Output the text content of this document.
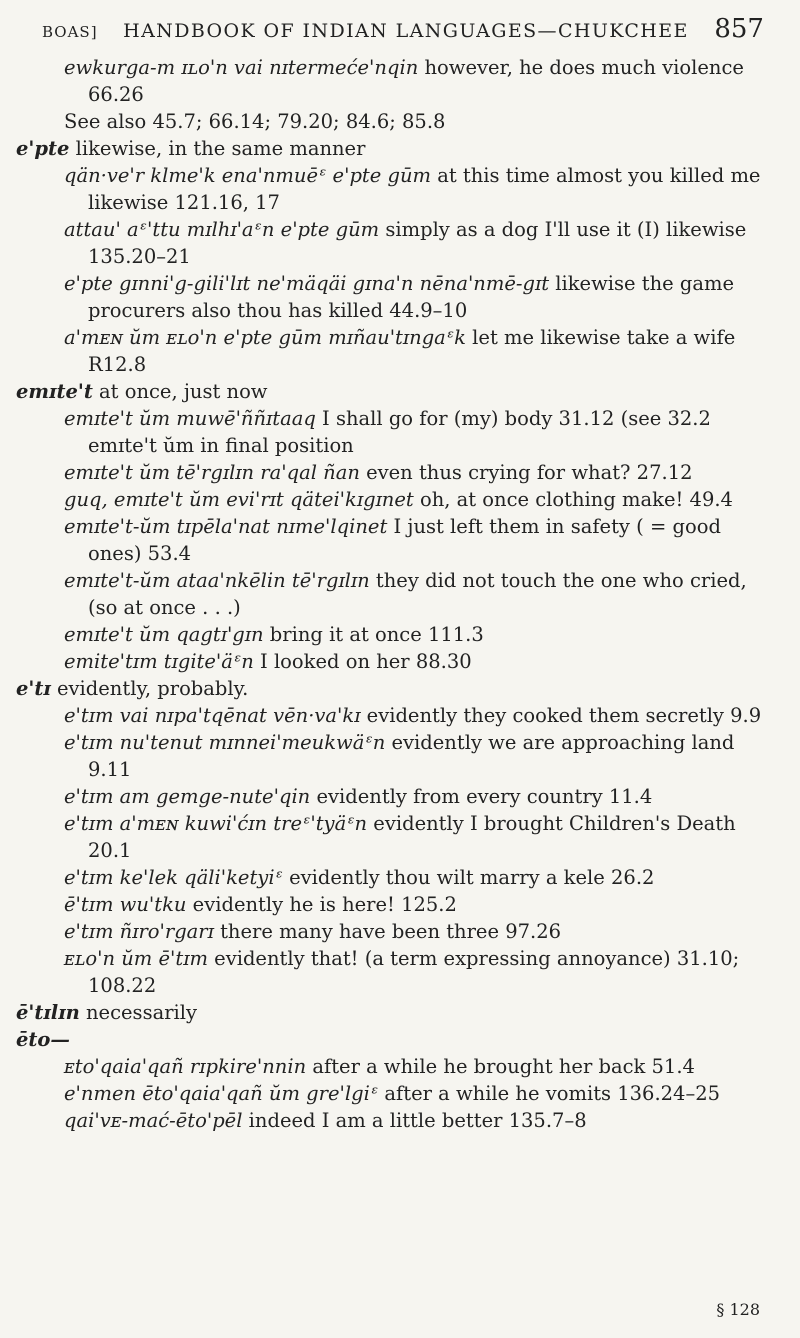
BOAS] HANDBOOK OF INDIAN LANGUAGES—CHUKCHEE 857
ewkurga-m ɪʟo'n vai nɪtermeće'nqin however, he does much violence 66.26
See also 45.7; 66.14; 79.20; 84.6; 85.8
e'pte likewise, in the same manner
qän·ve'r klme'k ena'nmuēᵋ e'pte gūm at this time almost you killed me likewise 121.16, 17
attau' aᵋ'ttu mɪlhɪ'aᵋn e'pte gūm simply as a dog I'll use it (I) likewise 135.20–21
e'pte gɪnni'g-gili'lɪt ne'mäqäi gɪna'n nēna'nmē-gɪt likewise the game procurers also thou has killed 44.9–10
a'mᴇɴ ŭm ᴇʟo'n e'pte gūm mɪñau'tɪngaᵋk let me likewise take a wife R12.8
emɪte't at once, just now
emɪte't ŭm muwē'ññɪtaaq I shall go for (my) body 31.12 (see 32.2 emɪte't ŭm in final position
emɪte't ŭm tē'rgɪlɪn ra'qal ñan even thus crying for what? 27.12
guq, emɪte't ŭm evi'rɪt qätei'kɪgɪnet oh, at once clothing make! 49.4
emɪte't-ŭm tɪpēla'nat nɪme'lqinet I just left them in safety ( = good ones) 53.4
emɪte't-ŭm ataa'nkēlin tē'rgɪlɪn they did not touch the one who cried, (so at once . . .)
emɪte't ŭm qagtɪ'gɪn bring it at once 111.3
emite'tɪm tɪgite'äᵋn I looked on her 88.30
e'tɪ evidently, probably.
e'tɪm vai nɪpa'tqēnat vēn·va'kɪ evidently they cooked them secretly 9.9
e'tɪm nu'tenut mɪnnei'meukwäᵋn evidently we are approaching land 9.11
e'tɪm am gemge-nute'qin evidently from every country 11.4
e'tɪm a'mᴇɴ kuwi'ćɪn treᵋ'tyäᵋn evidently I brought Children's Death 20.1
e'tɪm ke'lek qäli'ketyiᵋ evidently thou wilt marry a kele 26.2
ē'tɪm wu'tku evidently he is here! 125.2
e'tɪm ñɪro'rgarɪ there many have been three 97.26
ᴇʟo'n ŭm ē'tɪm evidently that! (a term expressing annoyance) 31.10; 108.22
ē'tɪlɪn necessarily
ēto—
ᴇto'qaia'qañ rɪpkire'nnin after a while he brought her back 51.4
e'nmen ēto'qaia'qañ ŭm gre'lgiᵋ after a while he vomits 136.24–25
qai'vᴇ-mać-ēto'pēl indeed I am a little better 135.7–8
§ 128
